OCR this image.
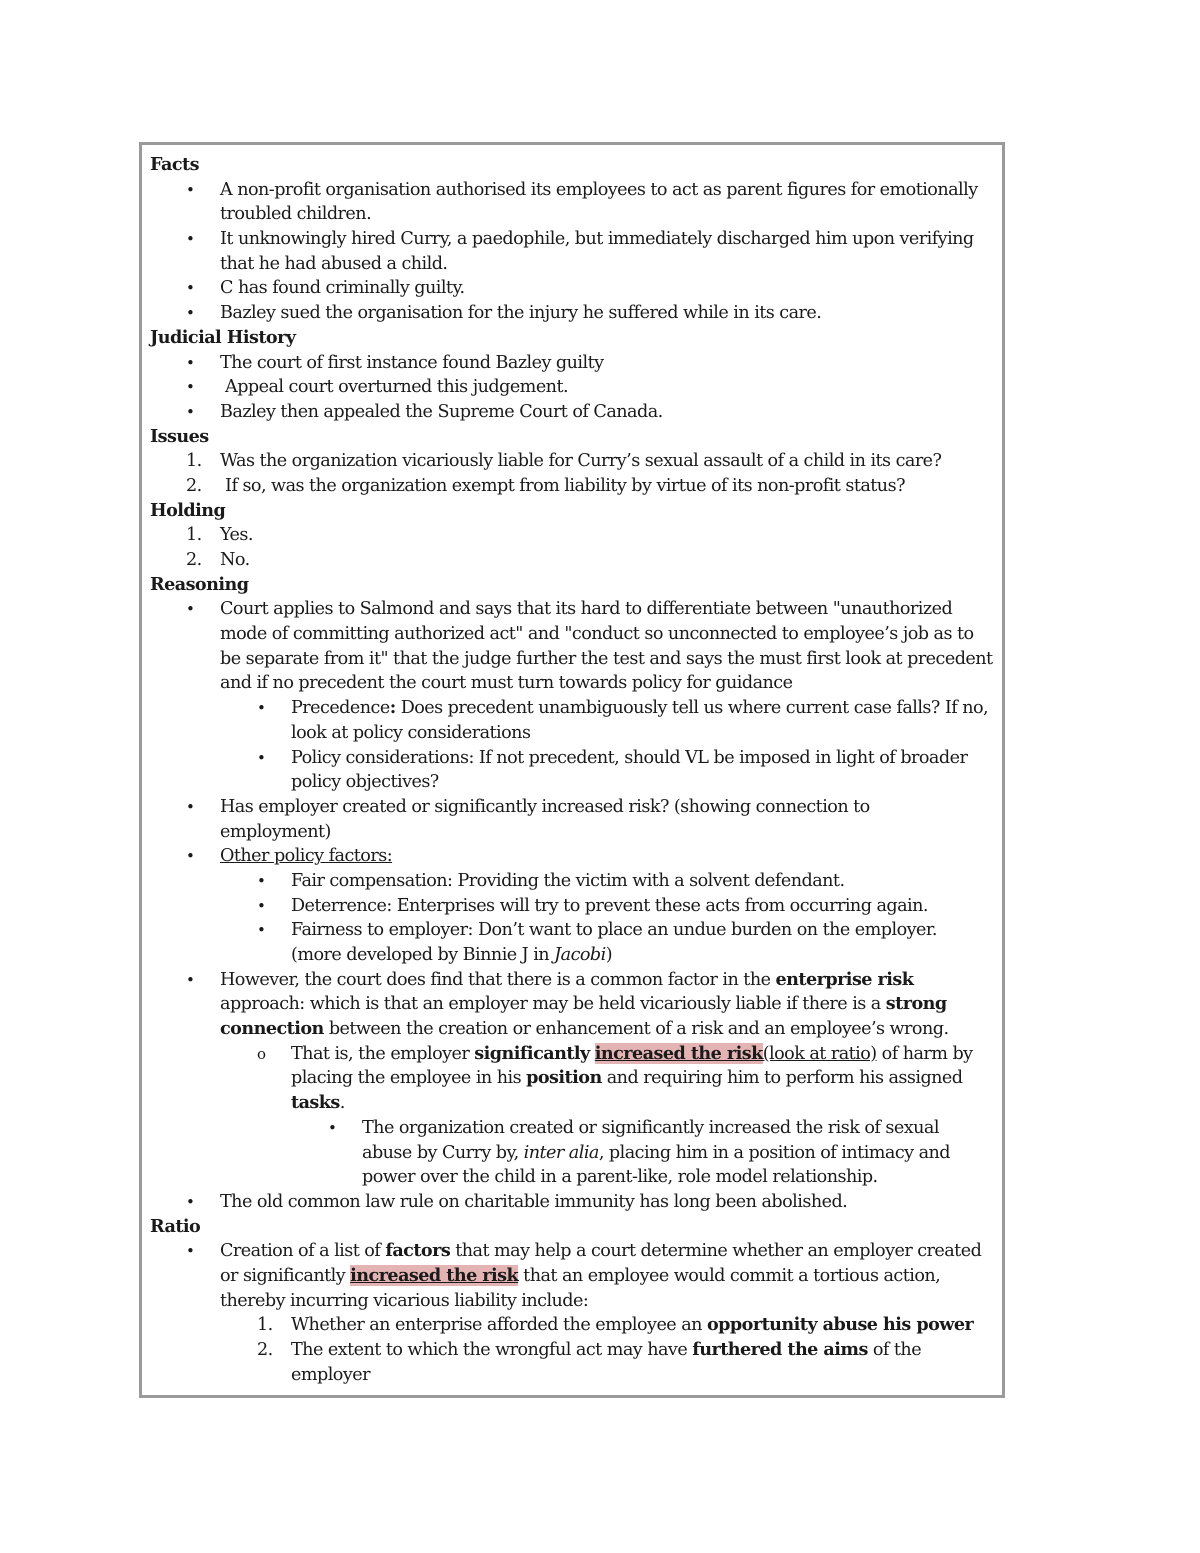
Facts
• A non-profit organisation authorised its employees to act as parent figures for emotionally
troubled children.
• It unknowingly hired Curry, a paedophile, but immediately discharged him upon verifying
that he had abused a child.
• C has found criminally guilty.
• Bazley sued the organisation for the injury he suffered while in its care.
Judicial History
• The court of first instance found Bazley guilty
• Appeal court overturned this judgement.
• Bazley then appealed the Supreme Court of Canada.
Issues
1. Was the organization vicariously liable for Curry’s sexual assault of a child in its care?
2. If so, was the organization exempt from liability by virtue of its non-profit status?
Holding
1. Yes.
2. No.
Reasoning
• Court applies to Salmond and says that its hard to differentiate between "unauthorized
mode of committing authorized act" and "conduct so unconnected to employee’s job as to
be separate from it" that the judge further the test and says the must first look at precedent
and if no precedent the court must turn towards policy for guidance
• Precedence: Does precedent unambiguously tell us where current case falls? If no,
look at policy considerations
• Policy considerations: If not precedent, should VL be imposed in light of broader
policy objectives?
• Has employer created or significantly increased risk? (showing connection to
employment)
• Other policy factors:
• Fair compensation: Providing the victim with a solvent defendant.
• Deterrence: Enterprises will try to prevent these acts from occurring again.
• Fairness to employer: Don’t want to place an undue burden on the employer.
(more developed by Binnie J in Jacobi)
• However, the court does find that there is a common factor in the enterprise risk
approach: which is that an employer may be held vicariously liable if there is a strong
connection between the creation or enhancement of a risk and an employee’s wrong.
o That is, the employer significantly increased the risk(look at ratio) of harm by
placing the employee in his position and requiring him to perform his assigned
tasks.
• The organization created or significantly increased the risk of sexual
abuse by Curry by, inter alia, placing him in a position of intimacy and
power over the child in a parent-like, role model relationship.
• The old common law rule on charitable immunity has long been abolished.
Ratio
• Creation of a list of factors that may help a court determine whether an employer created
or significantly increased the risk that an employee would commit a tortious action,
thereby incurring vicarious liability include:
1. Whether an enterprise afforded the employee an opportunity abuse his power
2. The extent to which the wrongful act may have furthered the aims of the
employer
